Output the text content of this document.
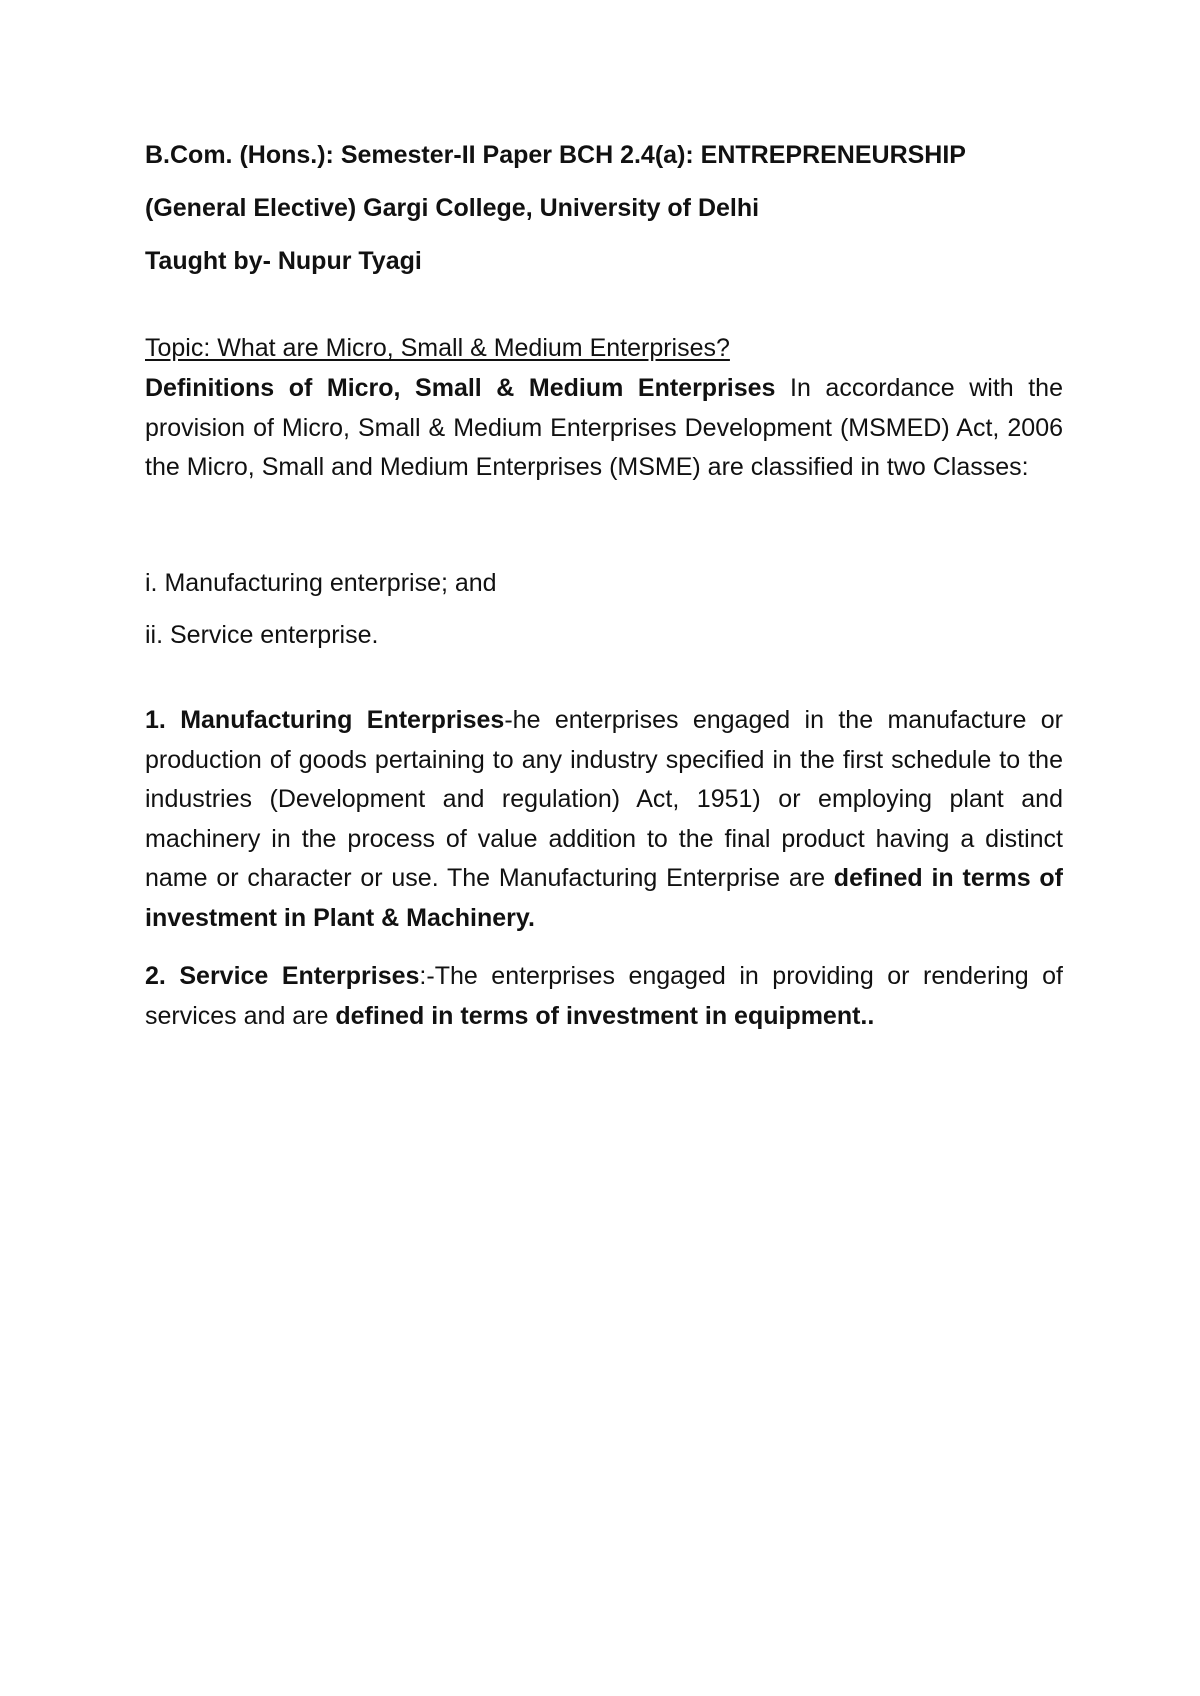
B.Com. (Hons.): Semester-II Paper BCH 2.4(a): ENTREPRENEURSHIP
(General Elective) Gargi College, University of Delhi
Taught by- Nupur Tyagi
Topic: What are Micro, Small & Medium Enterprises?
Definitions of Micro, Small & Medium Enterprises In accordance with the provision of Micro, Small & Medium Enterprises Development (MSMED) Act, 2006 the Micro, Small and Medium Enterprises (MSME) are classified in two Classes:
i. Manufacturing enterprise; and
ii. Service enterprise.
1. Manufacturing Enterprises-he enterprises engaged in the manufacture or production of goods pertaining to any industry specified in the first schedule to the industries (Development and regulation) Act, 1951) or employing plant and machinery in the process of value addition to the final product having a distinct name or character or use. The Manufacturing Enterprise are defined in terms of investment in Plant & Machinery.
2. Service Enterprises:-The enterprises engaged in providing or rendering of services and are defined in terms of investment in equipment..
